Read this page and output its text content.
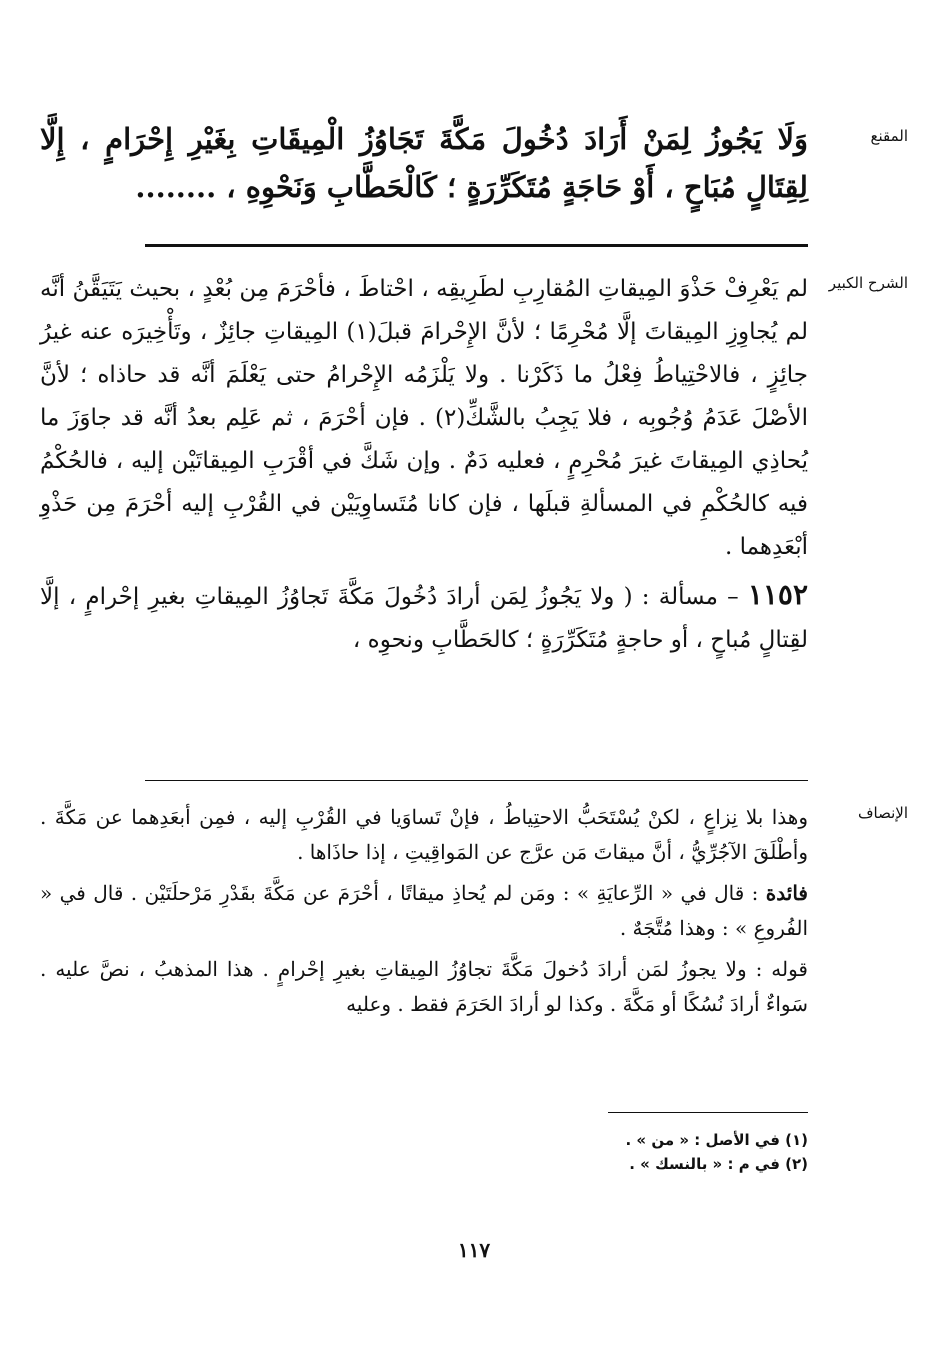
المقنع

وَلَا يَجُوزُ لِمَنْ أَرَادَ دُخُولَ مَكَّةَ تَجَاوُزُ الْمِيقَاتِ بِغَيْرِ إِحْرَامٍ ، إِلَّا لِقِتَالٍ مُبَاحٍ ، أَوْ حَاجَةٍ مُتَكَرِّرَةٍ ؛ كَالْحَطَّابِ وَنَحْوِهِ ، ........

الشرح الكبير

لم يَعْرِفْ حَذْوَ المِيقاتِ المُقارِبِ لطَرِيقِه ، احْتاطَ ، فأحْرَمَ مِن بُعْدٍ ، بحيث يَتَيَقَّنُ أنَّه لم يُجاوِزِ المِيقاتَ إلَّا مُحْرِمًا ؛ لأنَّ الإِحْرامَ قبلَ(١) المِيقاتِ جائِزٌ ، وتَأْخِيرَه عنه غيرُ جائِزٍ ، فالاحْتِياطُ فِعْلُ ما ذَكَرْنا . ولا يَلْزَمُه الإِحْرامُ حتى يَعْلَمَ أنَّه قد حاذاه ؛ لأنَّ الأصْلَ عَدَمُ وُجُوبِه ، فلا يَجِبُ بالشَّكِّ(٢) . فإن أحْرَمَ ، ثم عَلِم بعدُ أنَّه قد جاوَزَ ما يُحاذِي المِيقاتَ غيرَ مُحْرِمٍ ، فعليه دَمٌ . وإن شَكَّ في أقْرَبِ المِيقاتَيْن إليه ، فالحُكْمُ فيه كالحُكْمِ في المسألةِ قبلَها ، فإن كانا مُتَساوِيَيْن في القُرْبِ إليه أحْرَمَ مِن حَذْوِ أبْعَدِهما .

١١٥٢ – مسألة : ( ولا يَجُوزُ لِمَن أرادَ دُخُولَ مَكَّةَ تَجاوُزُ المِيقاتِ بغيرِ إحْرامٍ ، إلَّا لقِتالٍ مُباحٍ ، أو حاجةٍ مُتَكَرِّرَةٍ ؛ كالحَطَّابِ ونحوِه ،

الإنصاف

وهذا بلا نِزاعٍ ، لكنْ يُسْتَحَبُّ الاحتِياطُ ، فإنْ تَساوَيا في القُرْبِ إليه ، فمِن أبعَدِهما عن مَكَّةَ . وأطْلَقَ الآجُرِّيُّ ، أنَّ ميقاتَ مَن عرَّج عن المَواقِيتِ ، إذا حاذَاها .

فائدة : قال في « الرِّعايَةِ » : ومَن لم يُحاذِ ميقاتًا ، أحْرَمَ عن مَكَّةَ بقَدْرِ مَرْحلَتَيْن . قال في « الفُروعِ » : وهذا مُتَّجَهٌ .

قوله : ولا يجوزُ لمَن أرادَ دُخولَ مَكَّةَ تجاوُزُ المِيقاتِ بغيرِ إحْرامٍ . هذا المذهبُ ، نصَّ عليه . سَواءٌ أرادَ نُسُكًا أو مَكَّةَ . وكذا لو أرادَ الحَرَمَ فقط . وعليه

(١) في الأصل : « من » .
(٢) في م : « بالنسك » .
١١٧
